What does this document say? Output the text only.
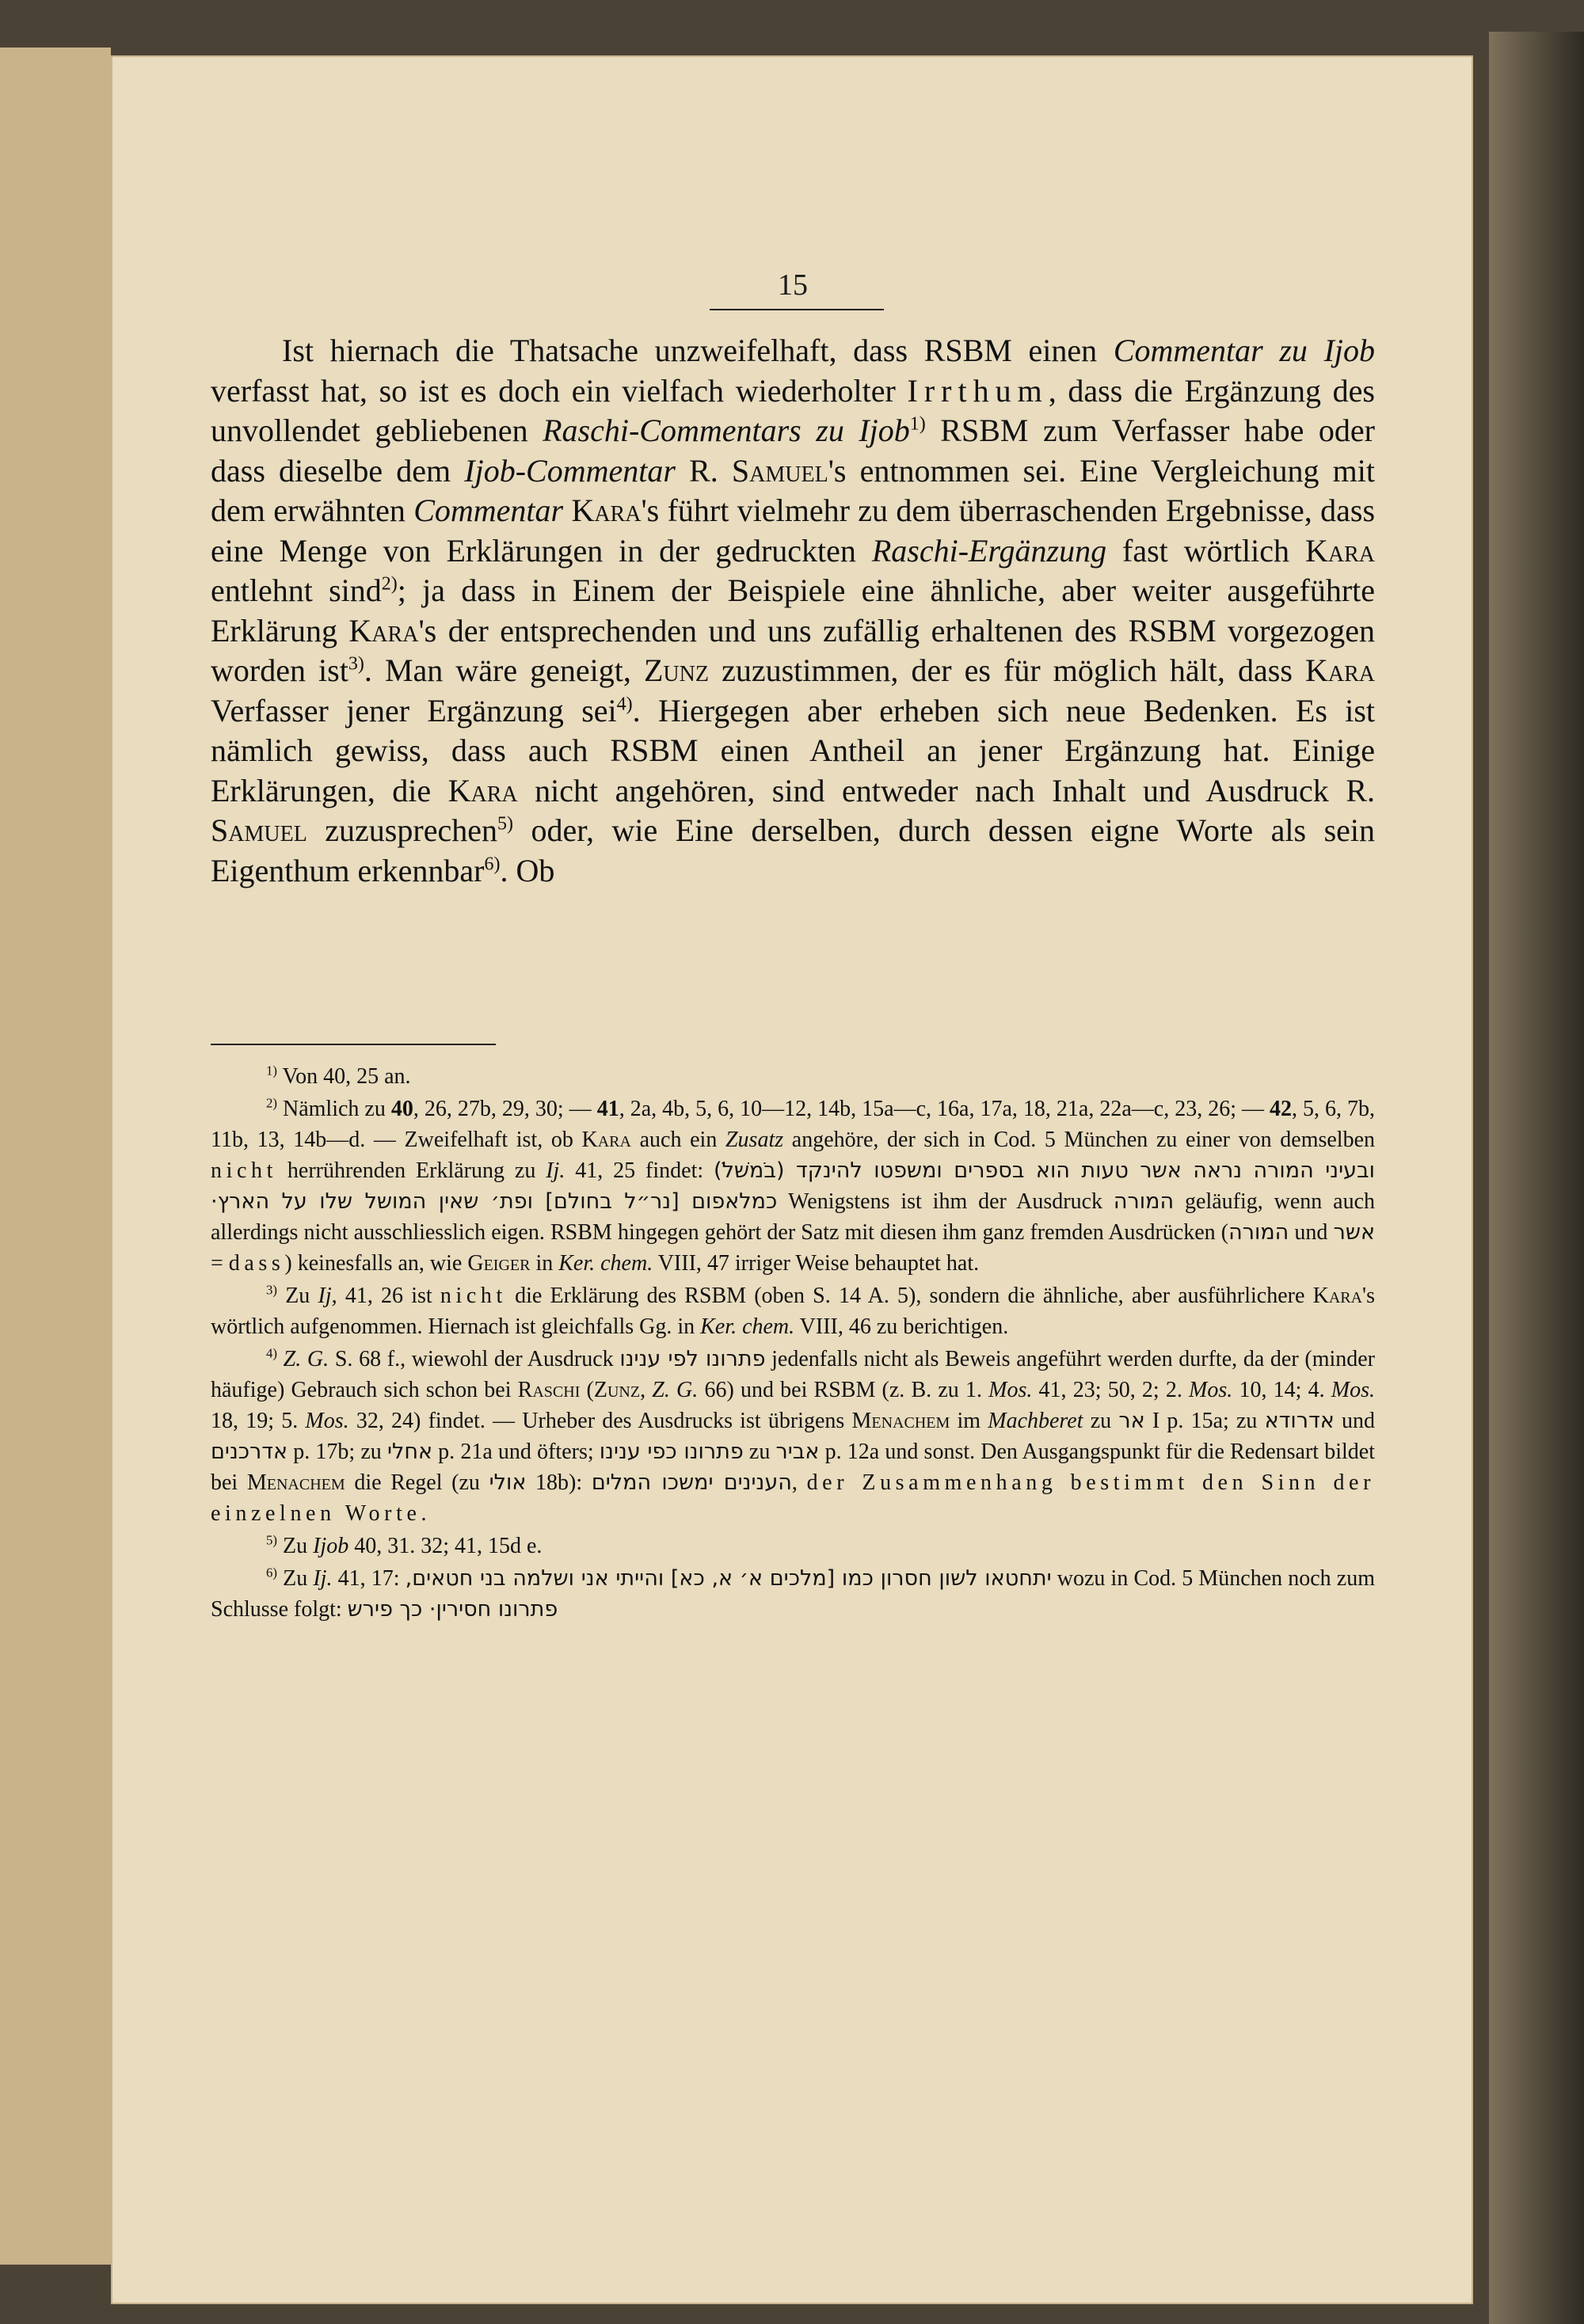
15

Ist hiernach die Thatsache unzweifelhaft, dass RSBM einen Commentar zu Ijob verfasst hat, so ist es doch ein vielfach wiederholter Irrthum, dass die Ergänzung des unvollendet gebliebenen Raschi-Commentars zu Ijob$^{1)}$ RSBM zum Verfasser habe oder dass dieselbe dem Ijob-Commentar R. Samuel's entnommen sei. Eine Vergleichung mit dem erwähnten Commentar Kara's führt vielmehr zu dem überraschenden Ergebnisse, dass eine Menge von Erklärungen in der gedruckten Raschi-Ergänzung fast wörtlich Kara entlehnt sind$^{2)}$; ja dass in Einem der Beispiele eine ähnliche, aber weiter ausgeführte Erklärung Kara's der entsprechenden und uns zufällig erhaltenen des RSBM vorgezogen worden ist$^{3)}$. Man wäre geneigt, Zunz zuzustimmen, der es für möglich hält, dass Kara Verfasser jener Ergänzung sei$^{4)}$. Hiergegen aber erheben sich neue Bedenken. Es ist nämlich gewiss, dass auch RSBM einen Antheil an jener Ergänzung hat. Einige Erklärungen, die Kara nicht angehören, sind entweder nach Inhalt und Ausdruck R. Samuel zuzusprechen$^{5)}$ oder, wie Eine derselben, durch dessen eigne Worte als sein Eigenthum erkennbar$^{6)}$. Ob

$^{1)}$ Von 40, 25 an.

$^{2)}$ Nämlich zu 40, 26, 27b, 29, 30; — 41, 2a, 4b, 5, 6, 10—12, 14b, 15a—c, 16a, 17a, 18, 21a, 22a—c, 23, 26; — 42, 5, 6, 7b, 11b, 13, 14b—d. — Zweifelhaft ist, ob Kara auch ein Zusatz angehöre, der sich in Cod. 5 München zu einer von demselben nicht herrührenden Erklärung zu Ij. 41, 25 findet: ובעיני המורה נראה אשר טעות הוא בספרים ומשפטו להינקד (בֹמשׁלֹ) כמלאפום [נר״ל בחולם] ופת׳ שאין המושל שלו על הארץ· Wenigstens ist ihm der Ausdruck המורה geläufig, wenn auch allerdings nicht ausschliesslich eigen. RSBM hingegen gehört der Satz mit diesen ihm ganz fremden Ausdrücken (המורה und אשר = dass) keinesfalls an, wie Geiger in Ker. chem. VIII, 47 irriger Weise behauptet hat.

$^{3)}$ Zu Ij, 41, 26 ist nicht die Erklärung des RSBM (oben S. 14 A. 5), sondern die ähnliche, aber ausführlichere Kara's wörtlich aufgenommen. Hiernach ist gleichfalls Gg. in Ker. chem. VIII, 46 zu berichtigen.

$^{4)}$ Z. G. S. 68 f., wiewohl der Ausdruck פתרונו לפי ענינו jedenfalls nicht als Beweis angeführt werden durfte, da der (minder häufige) Gebrauch sich schon bei Raschi (Zunz, Z. G. 66) und bei RSBM (z. B. zu 1. Mos. 41, 23; 50, 2; 2. Mos. 10, 14; 4. Mos. 18, 19; 5. Mos. 32, 24) findet. — Urheber des Ausdrucks ist übrigens Menachem im Machberet zu אר I p. 15a; zu אדרודא und אדרכנים p. 17b; zu אחלי p. 21a und öfters; פתרונו כפי ענינו zu אביר p. 12a und sonst. Den Ausgangspunkt für die Redensart bildet bei Menachem die Regel (zu אולי 18b): הענינים ימשכו המלים, der Zusammenhang bestimmt den Sinn der einzelnen Worte.

$^{5)}$ Zu Ijob 40, 31. 32; 41, 15d e.

$^{6)}$ Zu Ij. 41, 17: יתחטאו לשון חסרון כמו [מלכים א׳ א, כא] והייתי אני ושלמה בני חטאים, wozu in Cod. 5 München noch zum Schlusse folgt: פתרונו חסירין· כך פירש
